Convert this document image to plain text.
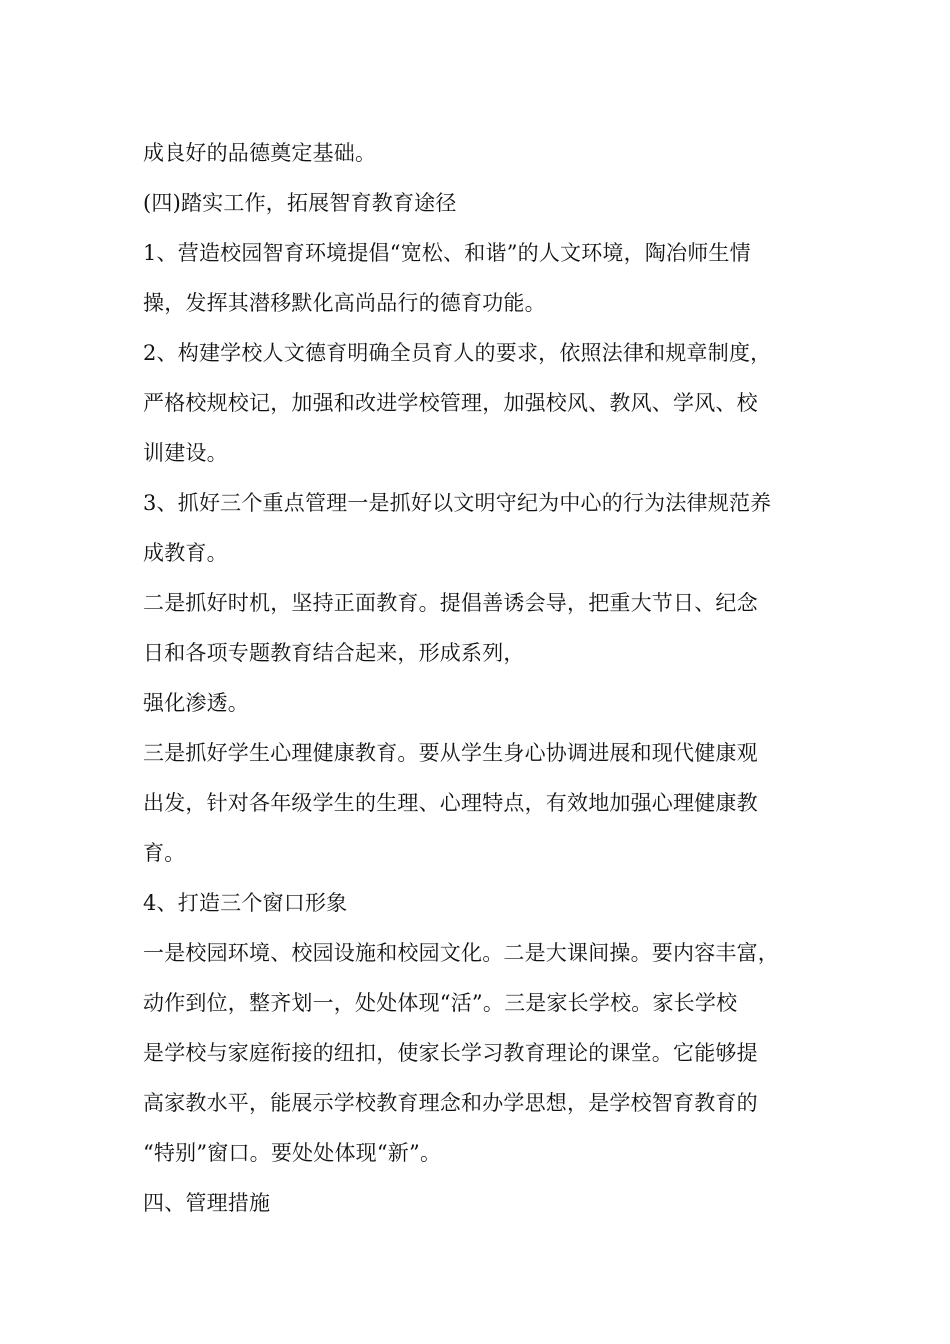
成良好的品德奠定基础。
(四)踏实工作，拓展智育教育途径
1、营造校园智育环境提倡“宽松、和谐”的人文环境，陶冶师生情
操，发挥其潜移默化高尚品行的德育功能。
2、构建学校人文德育明确全员育人的要求，依照法律和规章制度，
严格校规校记，加强和改进学校管理，加强校风、教风、学风、校
训建设。
3、抓好三个重点管理一是抓好以文明守纪为中心的行为法律规范养
成教育。
二是抓好时机，坚持正面教育。提倡善诱会导，把重大节日、纪念
日和各项专题教育结合起来，形成系列，
强化渗透。
三是抓好学生心理健康教育。要从学生身心协调进展和现代健康观
出发，针对各年级学生的生理、心理特点，有效地加强心理健康教
育。
4、打造三个窗口形象
一是校园环境、校园设施和校园文化。二是大课间操。要内容丰富，
动作到位，整齐划一，处处体现“活”。三是家长学校。家长学校
是学校与家庭衔接的纽扣，使家长学习教育理论的课堂。它能够提
高家教水平，能展示学校教育理念和办学思想，是学校智育教育的
“特别”窗口。要处处体现“新”。
四、管理措施
